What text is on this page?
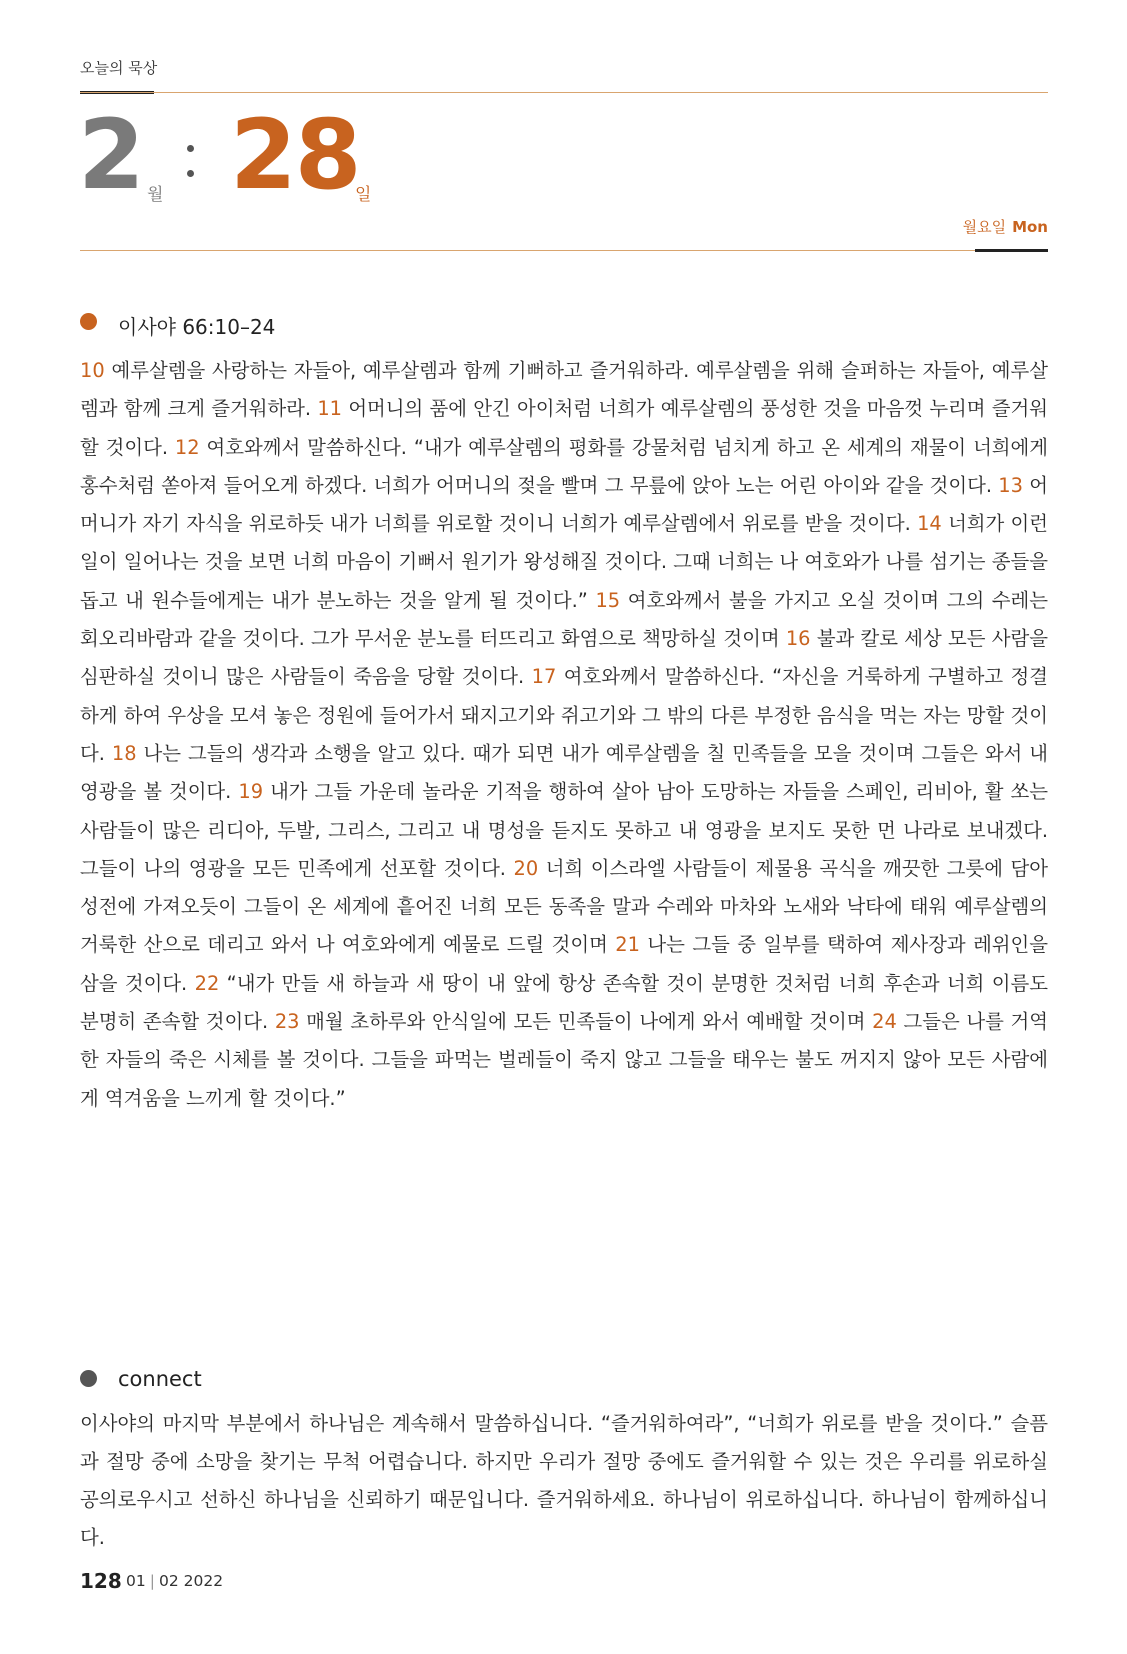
오늘의 묵상
2 월 28
일
월요일 Mon
이사야 66:10–24
10 예루살렘을 사랑하는 자들아, 예루살렘과 함께 기뻐하고 즐거워하라. 예루살렘을 위해 슬퍼하는 자들아, 예루살렘과 함께 크게 즐거워하라. 11 어머니의 품에 안긴 아이처럼 너희가 예루살렘의 풍성한 것을 마음껏 누리며 즐거워할 것이다. 12 여호와께서 말씀하신다. “내가 예루살렘의 평화를 강물처럼 넘치게 하고 온 세계의 재물이 너희에게 홍수처럼 쏟아져 들어오게 하겠다. 너희가 어머니의 젖을 빨며 그 무릎에 앉아 노는 어린 아이와 같을 것이다. 13 어머니가 자기 자식을 위로하듯 내가 너희를 위로할 것이니 너희가 예루살렘에서 위로를 받을 것이다. 14 너희가 이런 일이 일어나는 것을 보면 너희 마음이 기뻐서 원기가 왕성해질 것이다. 그때 너희는 나 여호와가 나를 섬기는 종들을 돕고 내 원수들에게는 내가 분노하는 것을 알게 될 것이다.” 15 여호와께서 불을 가지고 오실 것이며 그의 수레는 회오리바람과 같을 것이다. 그가 무서운 분노를 터뜨리고 화염으로 책망하실 것이며 16 불과 칼로 세상 모든 사람을 심판하실 것이니 많은 사람들이 죽음을 당할 것이다. 17 여호와께서 말씀하신다. “자신을 거룩하게 구별하고 정결하게 하여 우상을 모셔 놓은 정원에 들어가서 돼지고기와 쥐고기와 그 밖의 다른 부정한 음식을 먹는 자는 망할 것이다. 18 나는 그들의 생각과 소행을 알고 있다. 때가 되면 내가 예루살렘을 칠 민족들을 모을 것이며 그들은 와서 내 영광을 볼 것이다. 19 내가 그들 가운데 놀라운 기적을 행하여 살아 남아 도망하는 자들을 스페인, 리비아, 활 쏘는 사람들이 많은 리디아, 두발, 그리스, 그리고 내 명성을 듣지도 못하고 내 영광을 보지도 못한 먼 나라로 보내겠다. 그들이 나의 영광을 모든 민족에게 선포할 것이다. 20 너희 이스라엘 사람들이 제물용 곡식을 깨끗한 그릇에 담아 성전에 가져오듯이 그들이 온 세계에 흩어진 너희 모든 동족을 말과 수레와 마차와 노새와 낙타에 태워 예루살렘의 거룩한 산으로 데리고 와서 나 여호와에게 예물로 드릴 것이며 21 나는 그들 중 일부를 택하여 제사장과 레위인을 삼을 것이다. 22 “내가 만들 새 하늘과 새 땅이 내 앞에 항상 존속할 것이 분명한 것처럼 너희 후손과 너희 이름도 분명히 존속할 것이다. 23 매월 초하루와 안식일에 모든 민족들이 나에게 와서 예배할 것이며 24 그들은 나를 거역한 자들의 죽은 시체를 볼 것이다. 그들을 파먹는 벌레들이 죽지 않고 그들을 태우는 불도 꺼지지 않아 모든 사람에게 역겨움을 느끼게 할 것이다.”
connect
이사야의 마지막 부분에서 하나님은 계속해서 말씀하십니다. “즐거워하여라”, “너희가 위로를 받을 것이다.” 슬픔과 절망 중에 소망을 찾기는 무척 어렵습니다. 하지만 우리가 절망 중에도 즐거워할 수 있는 것은 우리를 위로하실 공의로우시고 선하신 하나님을 신뢰하기 때문입니다. 즐거워하세요. 하나님이 위로하십니다. 하나님이 함께하십니다.
128 01 | 02 2022
